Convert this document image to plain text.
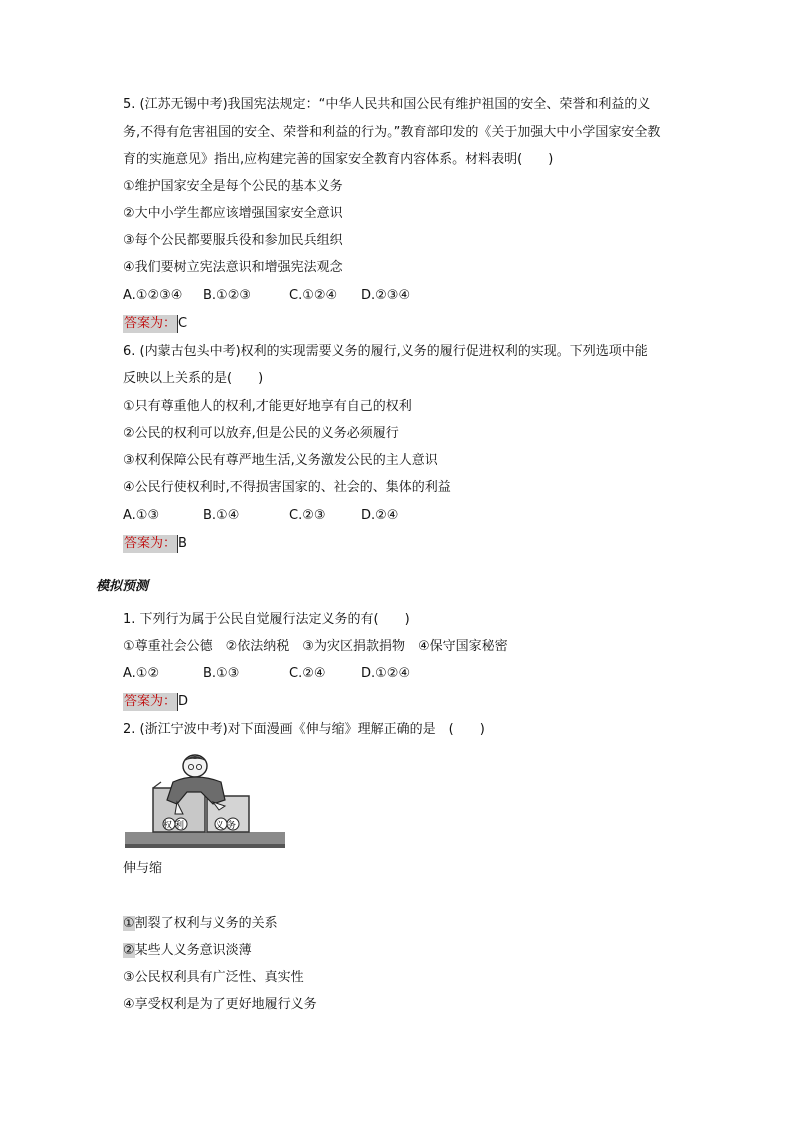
5. (江苏无锡中考)我国宪法规定：“中华人民共和国公民有维护祖国的安全、荣誉和利益的义
务,不得有危害祖国的安全、荣誉和利益的行为。”教育部印发的《关于加强大中小学国家安全教
育的实施意见》指出,应构建完善的国家安全教育内容体系。材料表明(　　)
①维护国家安全是每个公民的基本义务
②大中小学生都应该增强国家安全意识
③每个公民都要服兵役和参加民兵组织
④我们要树立宪法意识和增强宪法观念
A.①②③④ B.①②③	C.①②④ D.②③④
答案为： C
6. (内蒙古包头中考)权利的实现需要义务的履行,义务的履行促进权利的实现。下列选项中能
反映以上关系的是(　　)
①只有尊重他人的权利,才能更好地享有自己的权利
②公民的权利可以放弃,但是公民的义务必须履行
③权利保障公民有尊严地生活,义务激发公民的主人意识
④公民行使权利时,不得损害国家的、社会的、集体的利益
A.①③	B.①④	C.②③	D.②④
答案为： B
模拟预测
1. 下列行为属于公民自觉履行法定义务的有(　　)
①尊重社会公德　②依法纳税　③为灾区捐款捐物　④保守国家秘密
A.①②	B.①③	C.②④	D.①②④
答案为： D
2. (浙江宁波中考)对下面漫画《伸与缩》理解正确的是　(　　)
权利	义务
伸与缩
①割裂了权利与义务的关系
②某些人义务意识淡薄
③公民权利具有广泛性、真实性
④享受权利是为了更好地履行义务
